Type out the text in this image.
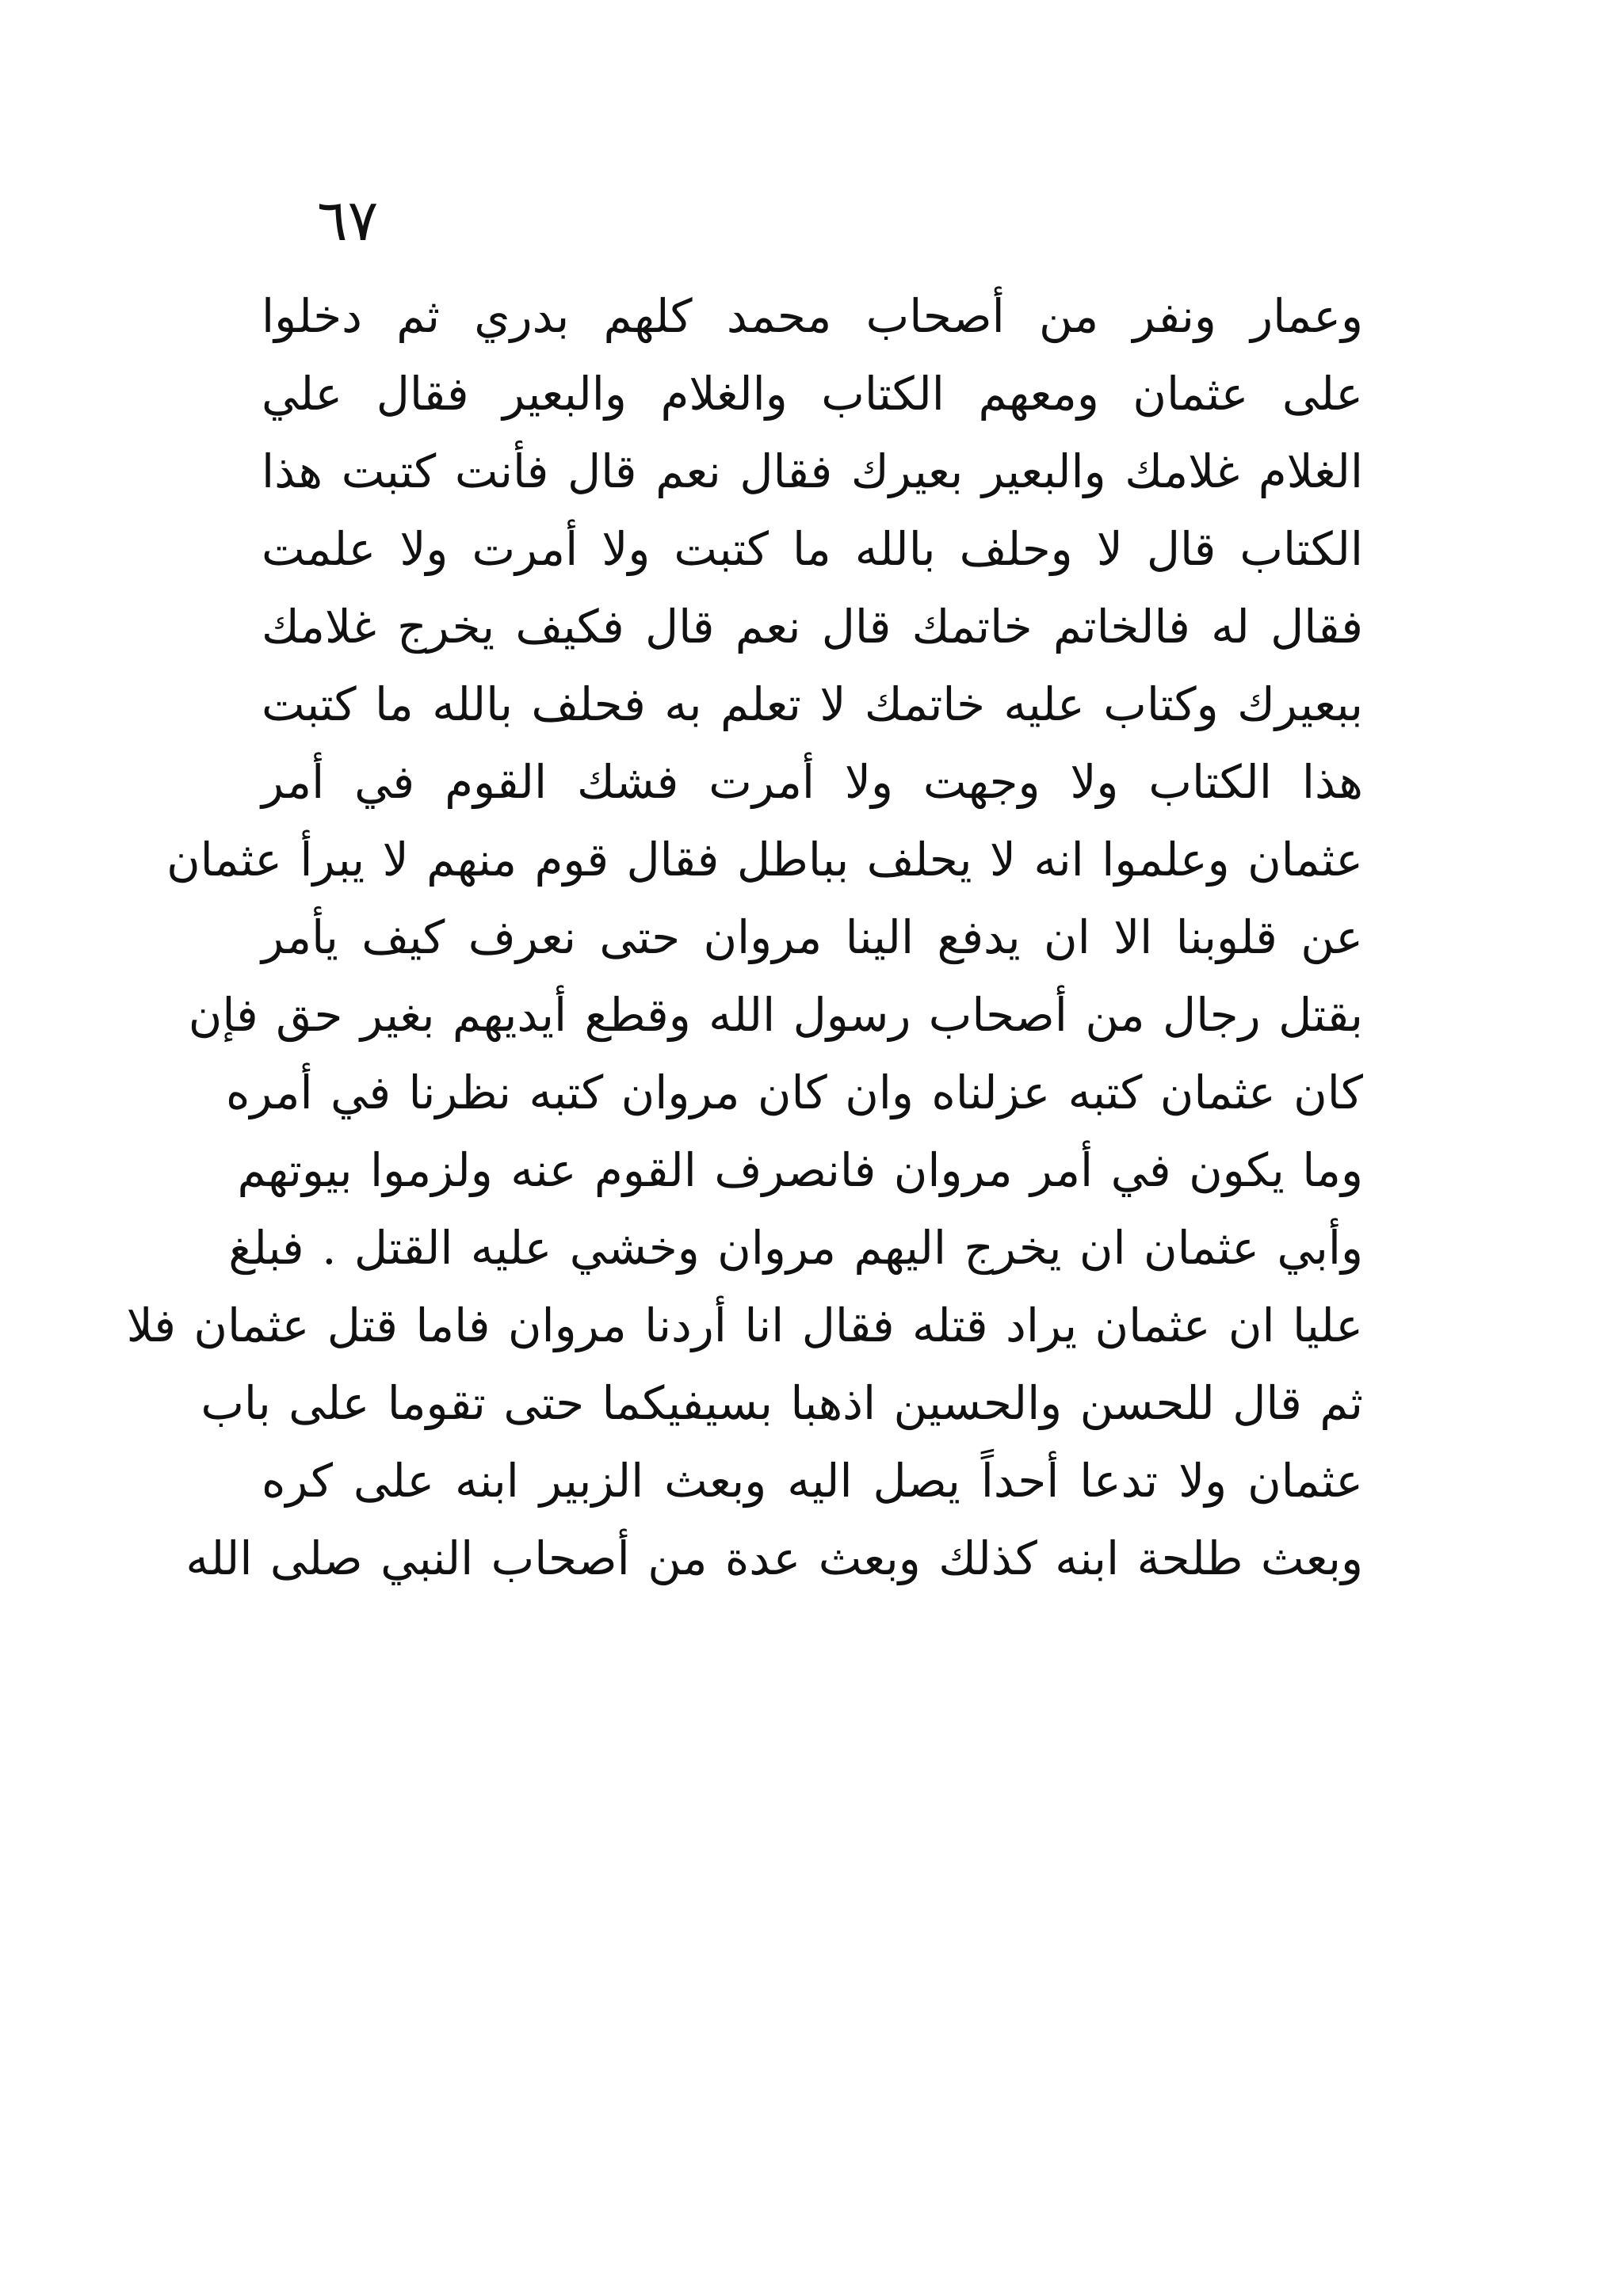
٦٧
وعمار ونفر من أصحاب محمد كلهم بدري ثم دخلوا
على عثمان ومعهم الكتاب والغلام والبعير فقال علي
الغلام غلامك والبعير بعيرك فقال نعم قال فأنت كتبت هذا
الكتاب قال لا وحلف بالله ما كتبت ولا أمرت ولا علمت
فقال له فالخاتم خاتمك قال نعم قال فكيف يخرج غلامك
ببعيرك وكتاب عليه خاتمك لا تعلم به فحلف بالله ما كتبت
هذا الكتاب ولا وجهت ولا أمرت فشك القوم في أمر
عثمان وعلموا انه لا يحلف بباطل فقال قوم منهم لا يبرأ عثمان
عن قلوبنا الا ان يدفع الينا مروان حتى نعرف كيف يأمر
بقتل رجال من أصحاب رسول الله وقطع أيديهم بغير حق فإن
كان عثمان كتبه عزلناه وان كان مروان كتبه نظرنا في أمره
وما يكون في أمر مروان فانصرف القوم عنه ولزموا بيوتهم
وأبي عثمان ان يخرج اليهم مروان وخشي عليه القتل . فبلغ
عليا ان عثمان يراد قتله فقال انا أردنا مروان فاما قتل عثمان فلا
ثم قال للحسن والحسين اذهبا بسيفيكما حتى تقوما على باب
عثمان ولا تدعا أحداً يصل اليه وبعث الزبير ابنه على كره
وبعث طلحة ابنه كذلك وبعث عدة من أصحاب النبي صلى الله
